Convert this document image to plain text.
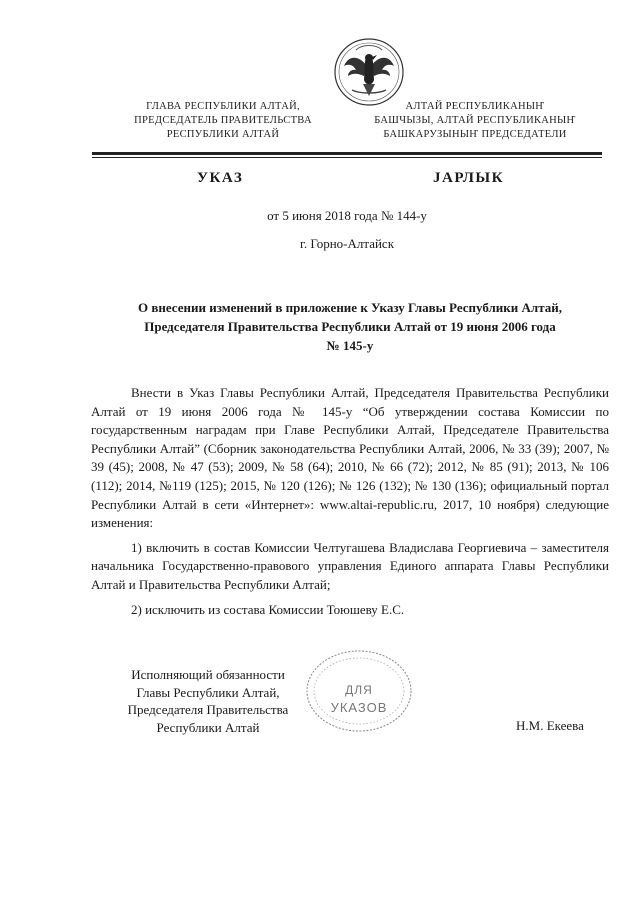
ГЛАВА РЕСПУБЛИКИ АЛТАЙ,
ПРЕДСЕДАТЕЛЬ ПРАВИТЕЛЬСТВА
РЕСПУБЛИКИ АЛТАЙ
АЛТАЙ РЕСПУБЛИКАНЫҤ
БАШЧЫЗЫ, АЛТАЙ РЕСПУБЛИКАНЫҤ
БАШКАРУЗЫНЫҤ ПРЕДСЕДАТЕЛИ
УКАЗ	JАРЛЫК
от 5 июня 2018 года № 144-у
г. Горно-Алтайск
О внесении изменений в приложение к Указу Главы Республики Алтай,
Председателя Правительства Республики Алтай от 19 июня 2006 года
№ 145-у

Внести в Указ Главы Республики Алтай, Председателя Правительства Республики Алтай от 19 июня 2006 года № 145-у “Об утверждении состава Комиссии по государственным наградам при Главе Республики Алтай, Председателе Правительства Республики Алтай” (Сборник законодательства Республики Алтай, 2006, № 33 (39); 2007, № 39 (45); 2008, № 47 (53); 2009, № 58 (64); 2010, № 66 (72); 2012, № 85 (91); 2013, № 106 (112); 2014, №119 (125); 2015, № 120 (126); № 126 (132); № 130 (136); официальный портал Республики Алтай в сети «Интернет»: www.altai-republic.ru, 2017, 10 ноября) следующие изменения:

1) включить в состав Комиссии Челтугашева Владислава Георгиевича – заместителя начальника Государственно-правового управления Единого аппарата Главы Республики Алтай и Правительства Республики Алтай;

2) исключить из состава Комиссии Тоюшеву Е.С.

Исполняющий обязанности
Главы Республики Алтай,
Председателя Правительства
Республики Алтай
ДЛЯ
УКАЗОВ
Н.М. Екеева
